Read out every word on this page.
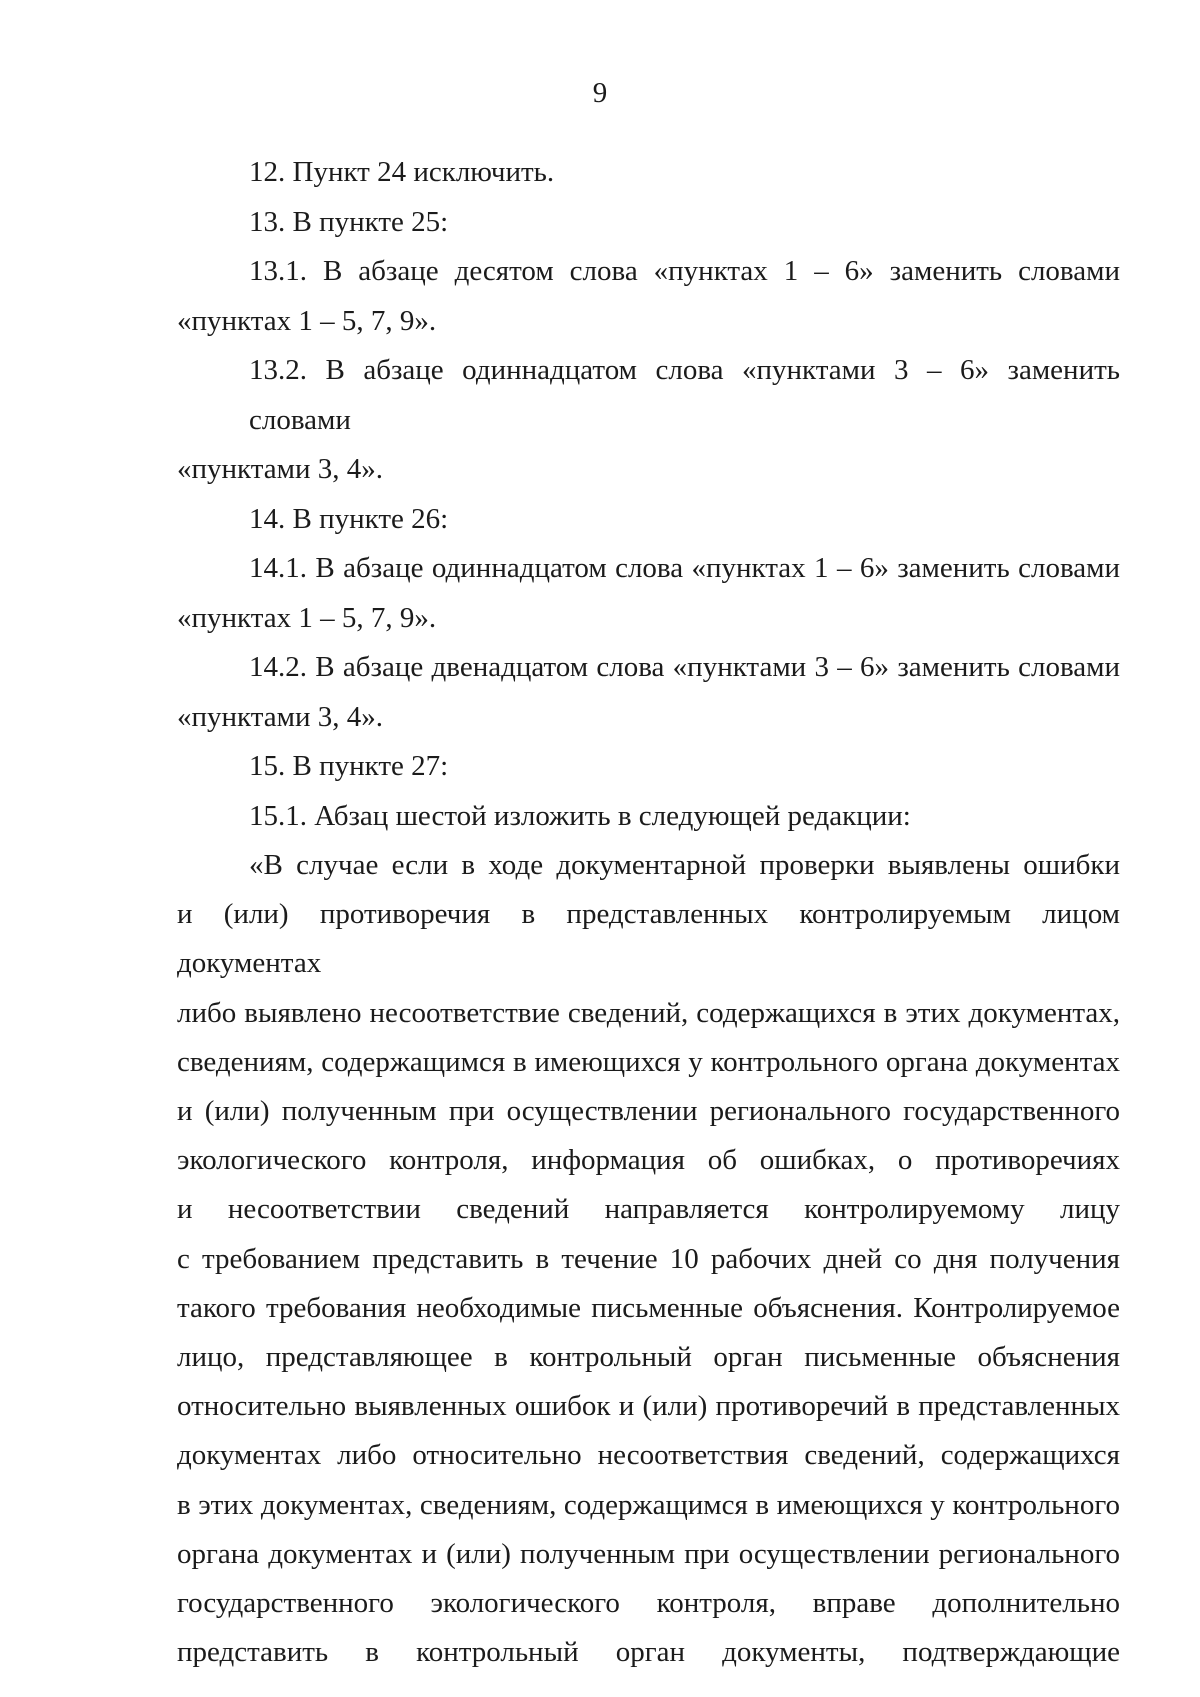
9

12. Пункт 24 исключить.

13. В пункте 25:

13.1. В абзаце десятом слова «пунктах 1 – 6» заменить словами
«пунктах 1 – 5, 7, 9».

13.2. В абзаце одиннадцатом слова «пунктами 3 – 6» заменить словами
«пунктами 3, 4».

14. В пункте 26:

14.1. В абзаце одиннадцатом слова «пунктах 1 – 6» заменить словами
«пунктах 1 – 5, 7, 9».

14.2. В абзаце двенадцатом слова «пунктами 3 – 6» заменить словами
«пунктами 3, 4».

15. В пункте 27:

15.1. Абзац шестой изложить в следующей редакции:

«В случае если в ходе документарной проверки выявлены ошибки
и (или) противоречия в представленных контролируемым лицом документах
либо выявлено несоответствие сведений, содержащихся в этих документах,
сведениям, содержащимся в имеющихся у контрольного органа документах
и (или) полученным при осуществлении регионального государственного
экологического контроля, информация об ошибках, о противоречиях
и несоответствии сведений направляется контролируемому лицу
с требованием представить в течение 10 рабочих дней со дня получения
такого требования необходимые письменные объяснения. Контролируемое
лицо, представляющее в контрольный орган письменные объяснения
относительно выявленных ошибок и (или) противоречий в представленных
документах либо относительно несоответствия сведений, содержащихся
в этих документах, сведениям, содержащимся в имеющихся у контрольного
органа документах и (или) полученным при осуществлении регионального
государственного экологического контроля, вправе дополнительно
представить в контрольный орган документы, подтверждающие
